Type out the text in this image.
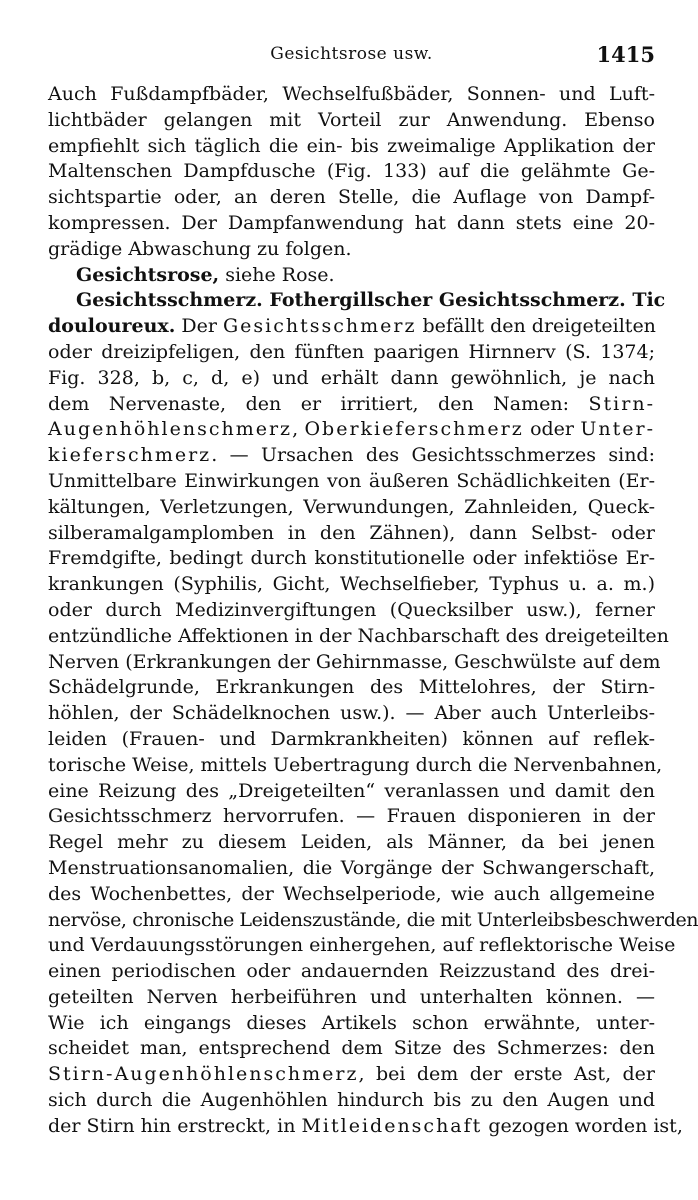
Gesichtsrose usw.	1415
Auch Fußdampfbäder, Wechselfußbäder, Sonnen- und Luft-
lichtbäder gelangen mit Vorteil zur Anwendung. Ebenso
empfiehlt sich täglich die ein- bis zweimalige Applikation der
Maltenschen Dampfdusche (Fig. 133) auf die gelähmte Ge-
sichtspartie oder, an deren Stelle, die Auflage von Dampf-
kompressen. Der Dampfanwendung hat dann stets eine 20-
grädige Abwaschung zu folgen.
Gesichtsrose, siehe Rose.
Gesichtsschmerz. Fothergillscher Gesichtsschmerz. Tic
douloureux. Der Gesichtsschmerz befällt den dreigeteilten
oder dreizipfeligen, den fünften paarigen Hirnnerv (S. 1374;
Fig. 328, b, c, d, e) und erhält dann gewöhnlich, je nach
dem Nervenaste, den er irritiert, den Namen: Stirn-
Augenhöhlenschmerz, Oberkieferschmerz oder Unter-
kieferschmerz. — Ursachen des Gesichtsschmerzes sind:
Unmittelbare Einwirkungen von äußeren Schädlichkeiten (Er-
kältungen, Verletzungen, Verwundungen, Zahnleiden, Queck-
silberamalgamplomben in den Zähnen), dann Selbst- oder
Fremdgifte, bedingt durch konstitutionelle oder infektiöse Er-
krankungen (Syphilis, Gicht, Wechselfieber, Typhus u. a. m.)
oder durch Medizinvergiftungen (Quecksilber usw.), ferner
entzündliche Affektionen in der Nachbarschaft des dreigeteilten
Nerven (Erkrankungen der Gehirnmasse, Geschwülste auf dem
Schädelgrunde, Erkrankungen des Mittelohres, der Stirn-
höhlen, der Schädelknochen usw.). — Aber auch Unterleibs-
leiden (Frauen- und Darmkrankheiten) können auf reflek-
torische Weise, mittels Uebertragung durch die Nervenbahnen,
eine Reizung des „Dreigeteilten“ veranlassen und damit den
Gesichtsschmerz hervorrufen. — Frauen disponieren in der
Regel mehr zu diesem Leiden, als Männer, da bei jenen
Menstruationsanomalien, die Vorgänge der Schwangerschaft,
des Wochenbettes, der Wechselperiode, wie auch allgemeine
nervöse, chronische Leidenszustände, die mit Unterleibsbeschwerden
und Verdauungsstörungen einhergehen, auf reflektorische Weise
einen periodischen oder andauernden Reizzustand des drei-
geteilten Nerven herbeiführen und unterhalten können. —
Wie ich eingangs dieses Artikels schon erwähnte, unter-
scheidet man, entsprechend dem Sitze des Schmerzes: den
Stirn-Augenhöhlenschmerz, bei dem der erste Ast, der
sich durch die Augenhöhlen hindurch bis zu den Augen und
der Stirn hin erstreckt, in Mitleidenschaft gezogen worden ist,
